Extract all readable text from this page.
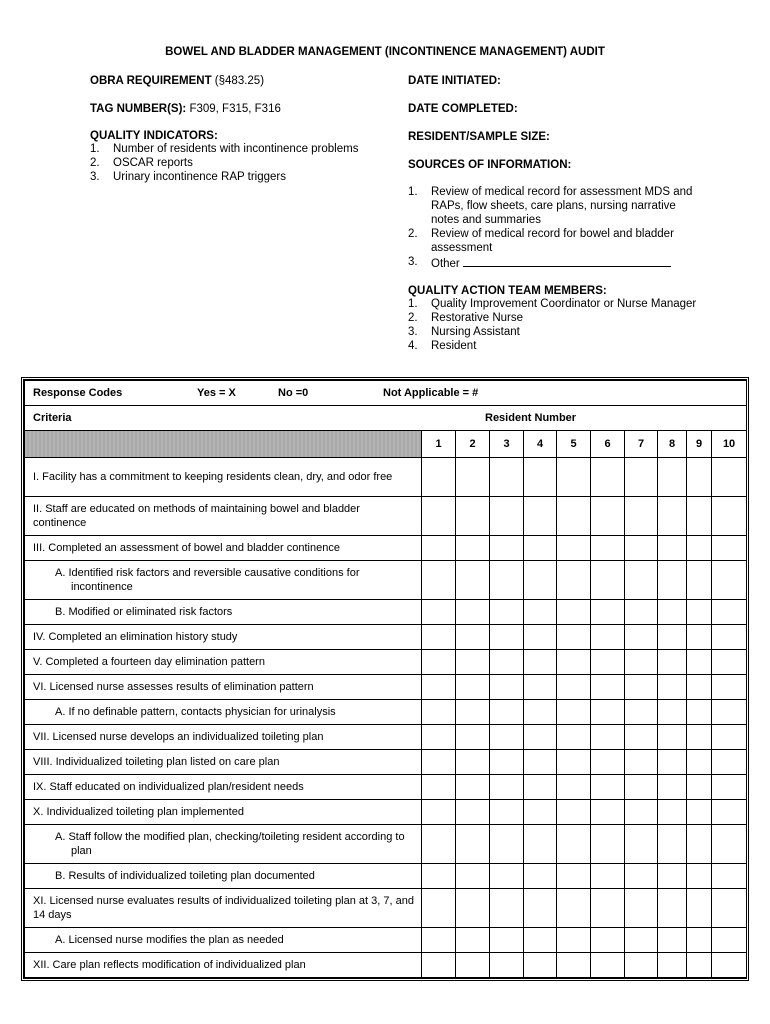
BOWEL AND BLADDER MANAGEMENT (INCONTINENCE MANAGEMENT) AUDIT
OBRA REQUIREMENT (§483.25)
TAG NUMBER(S): F309, F315, F316
QUALITY INDICATORS:
1. Number of residents with incontinence problems
2. OSCAR reports
3. Urinary incontinence RAP triggers
DATE INITIATED:
DATE COMPLETED:
RESIDENT/SAMPLE SIZE:
SOURCES OF INFORMATION:
1. Review of medical record for assessment MDS and RAPs, flow sheets, care plans, nursing narrative notes and summaries
2. Review of medical record for bowel and bladder assessment
3. Other
QUALITY ACTION TEAM MEMBERS:
1. Quality Improvement Coordinator or Nurse Manager
2. Restorative Nurse
3. Nursing Assistant
4. Resident
Response Codes Yes = X No =0 Not Applicable = #										

Criteria Resident Number										

	1	2	3	4	5	6	7	8	9	10
I. Facility has a commitment to keeping residents clean, dry, and odor free										
II. Staff are educated on methods of maintaining bowel and bladder continence										
III. Completed an assessment of bowel and bladder continence										

A. Identified risk factors and reversible causative conditions for incontinence										

B. Modified or eliminated risk factors										

IV. Completed an elimination history study										
V. Completed a fourteen day elimination pattern										
VI. Licensed nurse assesses results of elimination pattern										

A. If no definable pattern, contacts physician for urinalysis										

VII. Licensed nurse develops an individualized toileting plan										
VIII. Individualized toileting plan listed on care plan										
IX. Staff educated on individualized plan/resident needs										
X. Individualized toileting plan implemented										

A. Staff follow the modified plan, checking/toileting resident according to plan										

B. Results of individualized toileting plan documented										

XI. Licensed nurse evaluates results of individualized toileting plan at 3, 7, and 14 days										

A. Licensed nurse modifies the plan as needed										

XII. Care plan reflects modification of individualized plan										
